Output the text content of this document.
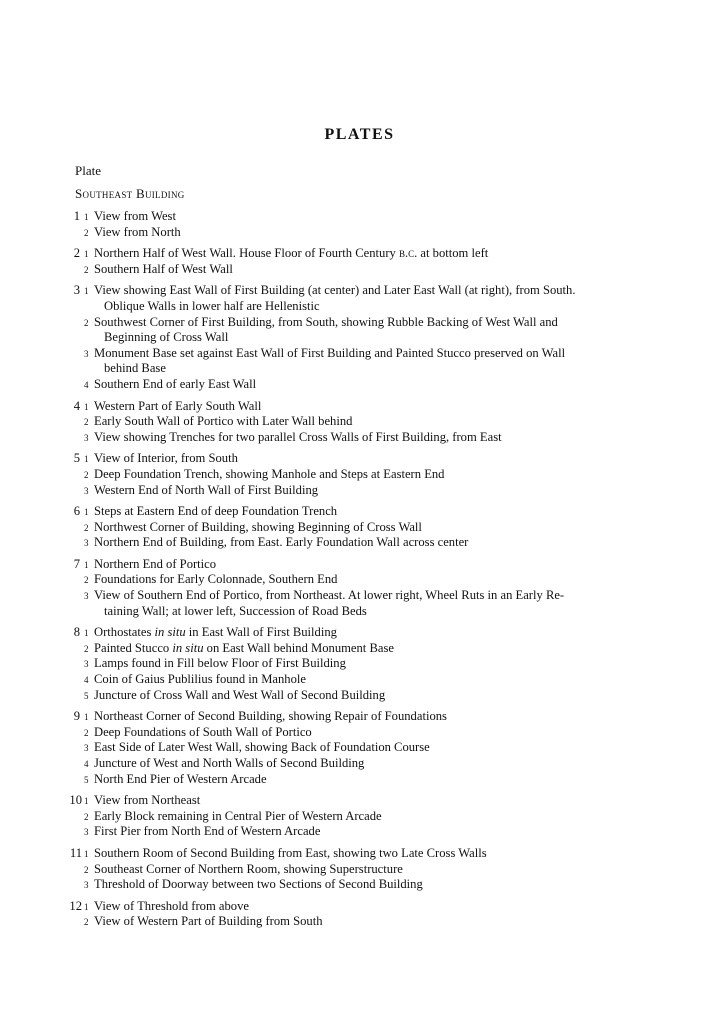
PLATES
Plate
Southeast Building
1 1 View from West
2 View from North
2 1 Northern Half of West Wall. House Floor of Fourth Century b.c. at bottom left
2 Southern Half of West Wall
3 1 View showing East Wall of First Building (at center) and Later East Wall (at right), from South.
Oblique Walls in lower half are Hellenistic
2 Southwest Corner of First Building, from South, showing Rubble Backing of West Wall and
Beginning of Cross Wall
3 Monument Base set against East Wall of First Building and Painted Stucco preserved on Wall
behind Base
4 Southern End of early East Wall
4 1 Western Part of Early South Wall
2 Early South Wall of Portico with Later Wall behind
3 View showing Trenches for two parallel Cross Walls of First Building, from East
5 1 View of Interior, from South
2 Deep Foundation Trench, showing Manhole and Steps at Eastern End
3 Western End of North Wall of First Building
6 1 Steps at Eastern End of deep Foundation Trench
2 Northwest Corner of Building, showing Beginning of Cross Wall
3 Northern End of Building, from East. Early Foundation Wall across center
7 1 Northern End of Portico
2 Foundations for Early Colonnade, Southern End
3 View of Southern End of Portico, from Northeast. At lower right, Wheel Ruts in an Early Re-
taining Wall; at lower left, Succession of Road Beds
8 1 Orthostates in situ in East Wall of First Building
2 Painted Stucco in situ on East Wall behind Monument Base
3 Lamps found in Fill below Floor of First Building
4 Coin of Gaius Publilius found in Manhole
5 Juncture of Cross Wall and West Wall of Second Building
9 1 Northeast Corner of Second Building, showing Repair of Foundations
2 Deep Foundations of South Wall of Portico
3 East Side of Later West Wall, showing Back of Foundation Course
4 Juncture of West and North Walls of Second Building
5 North End Pier of Western Arcade
10 1 View from Northeast
2 Early Block remaining in Central Pier of Western Arcade
3 First Pier from North End of Western Arcade
11 1 Southern Room of Second Building from East, showing two Late Cross Walls
2 Southeast Corner of Northern Room, showing Superstructure
3 Threshold of Doorway between two Sections of Second Building
12 1 View of Threshold from above
2 View of Western Part of Building from South
